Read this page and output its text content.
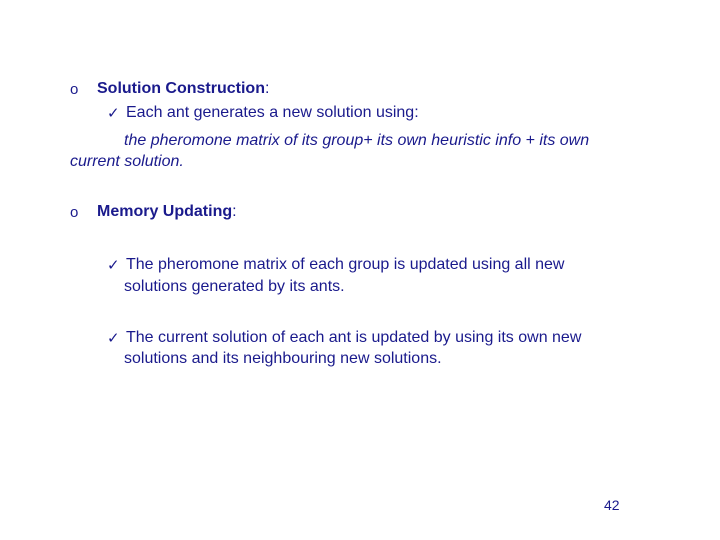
o Solution Construction:
✓ Each ant generates a new solution using:
the pheromone matrix of its group+ its own heuristic info + its own
current solution.
o Memory Updating:
✓ The pheromone matrix of each group is updated using all new
solutions generated by its ants.
✓ The current solution of each ant is updated by using its own new
solutions and its neighbouring new solutions.
42
